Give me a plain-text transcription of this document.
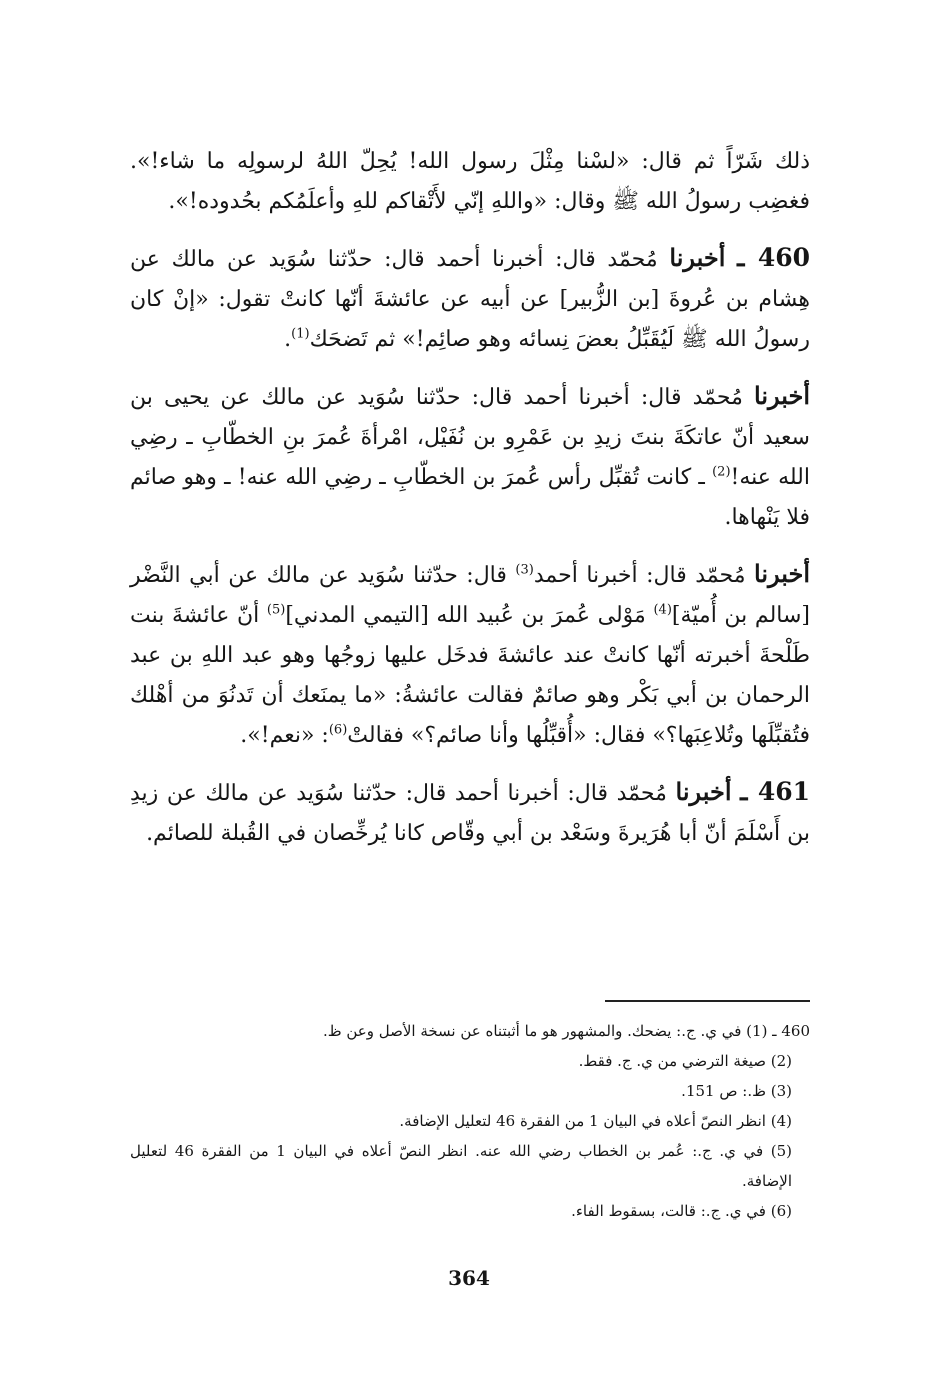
ذلك شَرّاً ثم قال: «لسْنا مِثْلَ رسول الله! يُحِلّ اللهُ لرسولِه ما شاء!». فغضِب رسولُ الله ﷺ وقال: «واللهِ إنّي لأَتْقاكم للهِ وأعلَمُكم بحُدوده!».

460 ـ أخبرنا مُحمّد قال: أخبرنا أحمد قال: حدّثنا سُوَيد عن مالك عن هِشام بن عُروةَ [بن الزُّبير] عن أبيه عن عائشةَ أنّها كانتْ تقول: «إنْ كان رسولُ الله ﷺ لَيُقَبِّلُ بعضَ نِسائه وهو صائِم!» ثم تَضحَك$^{(1)}$.

أخبرنا مُحمّد قال: أخبرنا أحمد قال: حدّثنا سُوَيد عن مالك عن يحيى بن سعيد أنّ عاتكَةَ بنتَ زيدِ بن عَمْرِو بن نُفَيْل، امْرأةَ عُمرَ بنِ الخطّابِ ـ رضِي الله عنه!$^{(2)}$ ـ كانت تُقبِّل رأس عُمرَ بن الخطّابِ ـ رضِي الله عنه! ـ وهو صائم فلا يَنْهاها.

أخبرنا مُحمّد قال: أخبرنا أحمد$^{(3)}$ قال: حدّثنا سُوَيد عن مالك عن أبي النَّضْر [سالم بن أُميّة]$^{(4)}$ مَوْلى عُمرَ بن عُبيد الله [التيمي المدني]$^{(5)}$ أنّ عائشةَ بنت طَلْحةَ أخبرته أنّها كانتْ عند عائشةَ فدخَل عليها زوجُها وهو عبد اللهِ بن عبد الرحمان بن أبي بَكْر وهو صائمٌ فقالت عائشةُ: «ما يمنَعك أن تَدنُوَ من أهْلك فتُقبِّلَها وتُلاعِبَها؟» فقال: «أُقبِّلُها وأنا صائم؟» فقالتْ$^{(6)}$: «نعم!».

461 ـ أخبرنا مُحمّد قال: أخبرنا أحمد قال: حدّثنا سُوَيد عن مالك عن زيدِ بن أَسْلَمَ أنّ أبا هُرَيرةَ وسَعْد بن أبي وقّاص كانا يُرخِّصان في القُبلة للصائم.

460 ـ (1) في ي. ج.: يضحك. والمشهور هو ما أثبتناه عن نسخة الأصل وعن ظ.

(2) صيغة الترضي من ي. ج. فقط.

(3) ظ.: ص 151.

(4) انظر النصّ أعلاه في البيان 1 من الفقرة 46 لتعليل الإضافة.

(5) في ي. ج.: عُمر بن الخطاب رضي الله عنه. انظر النصّ أعلاه في البيان 1 من الفقرة 46 لتعليل الإضافة.

(6) في ي. ج.: قالت، بسقوط الفاء.

364
